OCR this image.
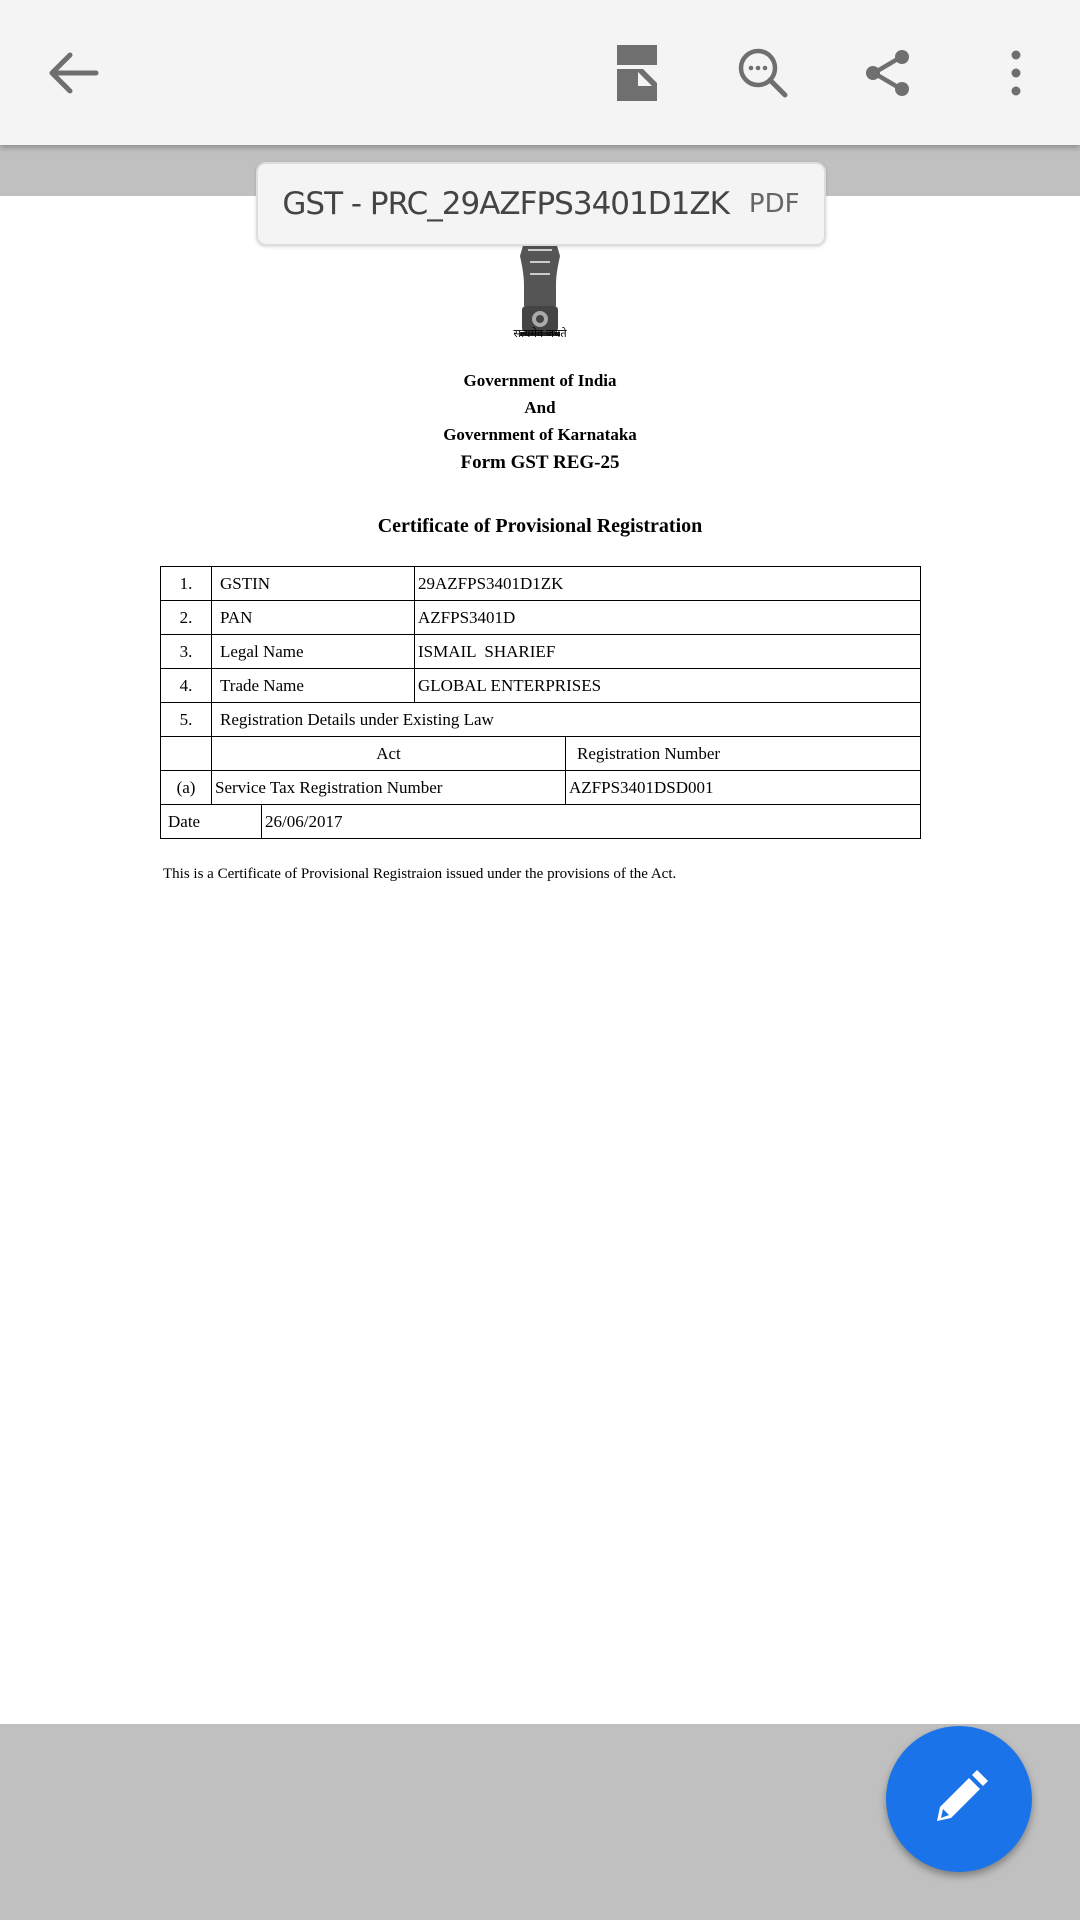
GST - PRC_29AZFPS3401D1ZK PDF
सत्यमेव जयते
Government of India
And
Government of Karnataka
Form GST REG-25
Certificate of Provisional Registration
1.	GSTIN		29AZFPS3401D1ZK	
2.	PAN		AZFPS3401D	
3.	Legal Name		ISMAIL  SHARIEF	
4.	Trade Name		GLOBAL ENTERPRISES	
5.	Registration Details under Existing Law			
	Act			Registration Number
(a)	Service Tax Registration Number			AZFPS3401DSD001
Date		26/06/2017		
This is a Certificate of Provisional Registraion issued under the provisions of the Act.
